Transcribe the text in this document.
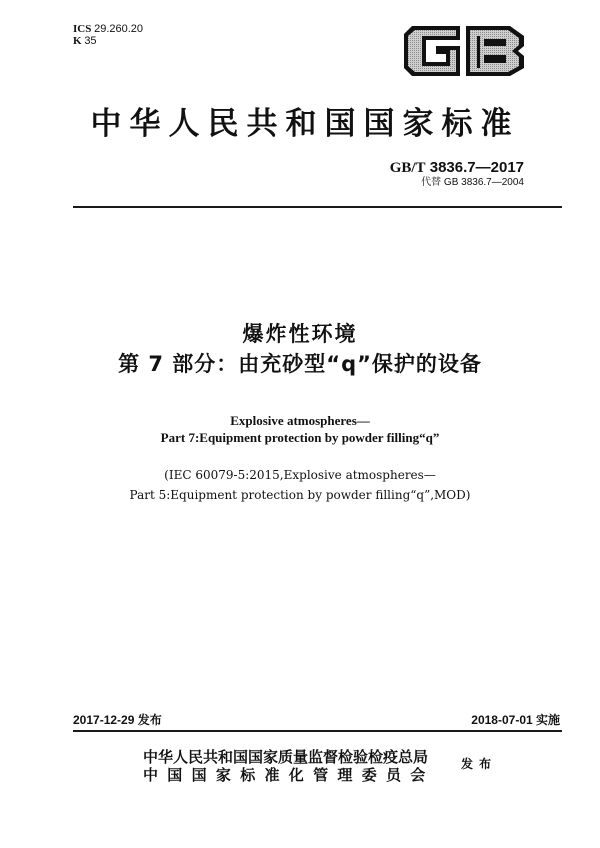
ICS 29.260.20
K 35
中华人民共和国国家标准
GB/T 3836.7—2017
代替 GB 3836.7—2004
爆炸性环境
第 7 部分：由充砂型“q”保护的设备
Explosive atmospheres—
Part 7:Equipment protection by powder filling“q”
(IEC 60079-5:2015,Explosive atmospheres—
Part 5:Equipment protection by powder filling“q”,MOD)
2017-12-29 发布	2018-07-01 实施
中华人民共和国国家质量监督检验检疫总局
中国国家标准化管理委员会
发布
